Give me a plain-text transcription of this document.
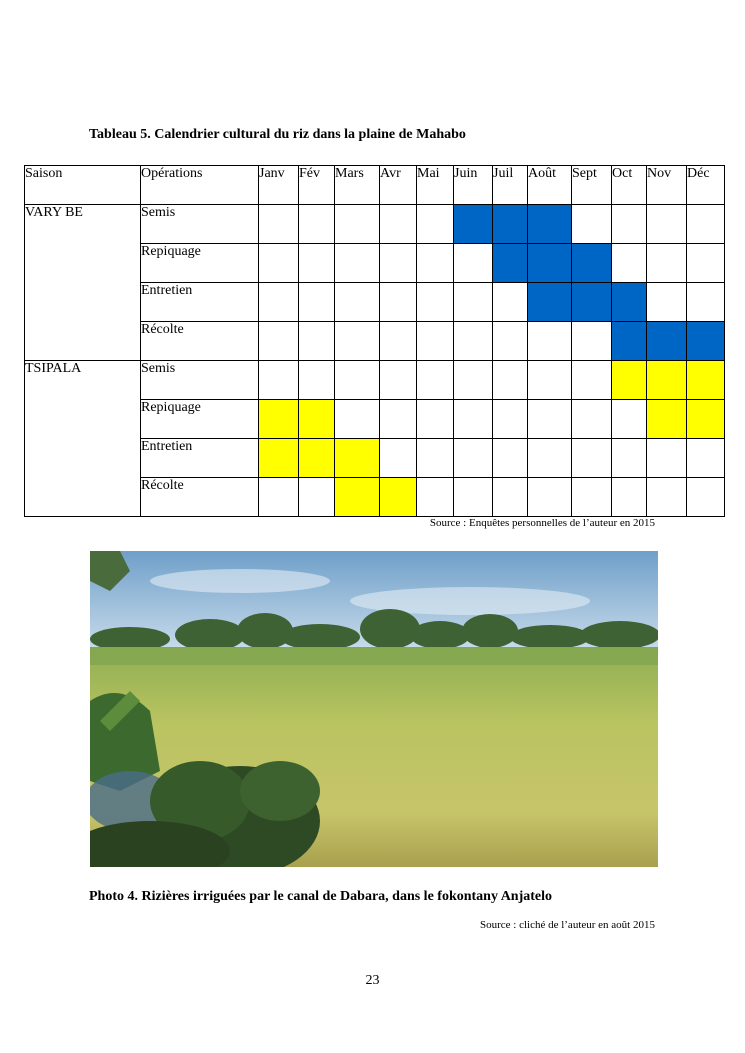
Tableau 5. Calendrier cultural du riz dans la plaine de Mahabo
Saison	Opérations	Janv	Fév	Mars	Avr	Mai	Juin	Juil	Août	Sept	Oct	Nov	Déc
VARY BE	Semis												
	Repiquage												
	Entretien												
	Récolte												
TSIPALA	Semis												
	Repiquage												
	Entretien												
	Récolte												
Source : Enquêtes personnelles de l’auteur en 2015
Photo 4. Rizières irriguées par le canal de Dabara, dans le fokontany Anjatelo
Source : cliché de l’auteur en août 2015
23
